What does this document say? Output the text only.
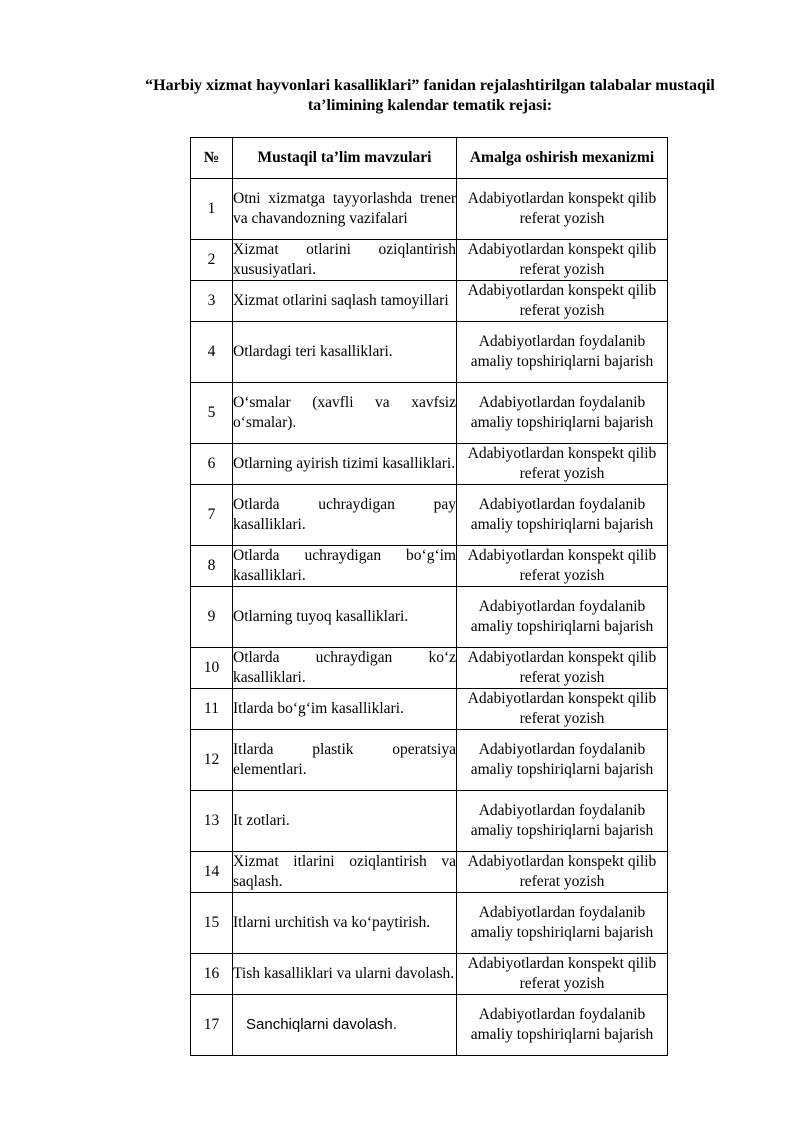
“Harbiy xizmat hayvonlari kasalliklari” fanidan rejalashtirilgan talabalar mustaqil
ta’limining kalendar tematik rejasi:
№	Mustaqil ta’lim mavzulari	Amalga oshirish mexanizmi
1	Otni xizmatga tayyorlashda trener va chavandozning vazifalari	Adabiyotlardan konspekt qilib referat yozish
2	Xizmat otlarini oziqlantirish xususiyatlari.	Adabiyotlardan konspekt qilib referat yozish
3	Xizmat otlarini saqlash tamoyillari	Adabiyotlardan konspekt qilib referat yozish
4	Otlardagi teri kasalliklari.	Adabiyotlardan foydalanib amaliy topshiriqlarni bajarish
5	O‘smalar (xavfli va xavfsiz o‘smalar).	Adabiyotlardan foydalanib amaliy topshiriqlarni bajarish
6	Otlarning ayirish tizimi kasalliklari.	Adabiyotlardan konspekt qilib referat yozish
7	Otlarda uchraydigan pay kasalliklari.	Adabiyotlardan foydalanib amaliy topshiriqlarni bajarish
8	Otlarda uchraydigan bo‘g‘im kasalliklari.	Adabiyotlardan konspekt qilib referat yozish
9	Otlarning tuyoq kasalliklari.	Adabiyotlardan foydalanib amaliy topshiriqlarni bajarish
10	Otlarda uchraydigan ko‘z kasalliklari.	Adabiyotlardan konspekt qilib referat yozish
11	Itlarda bo‘g‘im kasalliklari.	Adabiyotlardan konspekt qilib referat yozish
12	Itlarda plastik operatsiya elementlari.	Adabiyotlardan foydalanib amaliy topshiriqlarni bajarish
13	It zotlari.	Adabiyotlardan foydalanib amaliy topshiriqlarni bajarish
14	Xizmat itlarini oziqlantirish va saqlash.	Adabiyotlardan konspekt qilib referat yozish
15	Itlarni urchitish va ko‘paytirish.	Adabiyotlardan foydalanib amaliy topshiriqlarni bajarish
16	Tish kasalliklari va ularni davolash.	Adabiyotlardan konspekt qilib referat yozish
17	Sanchiqlarni davolash.	Adabiyotlardan foydalanib amaliy topshiriqlarni bajarish
